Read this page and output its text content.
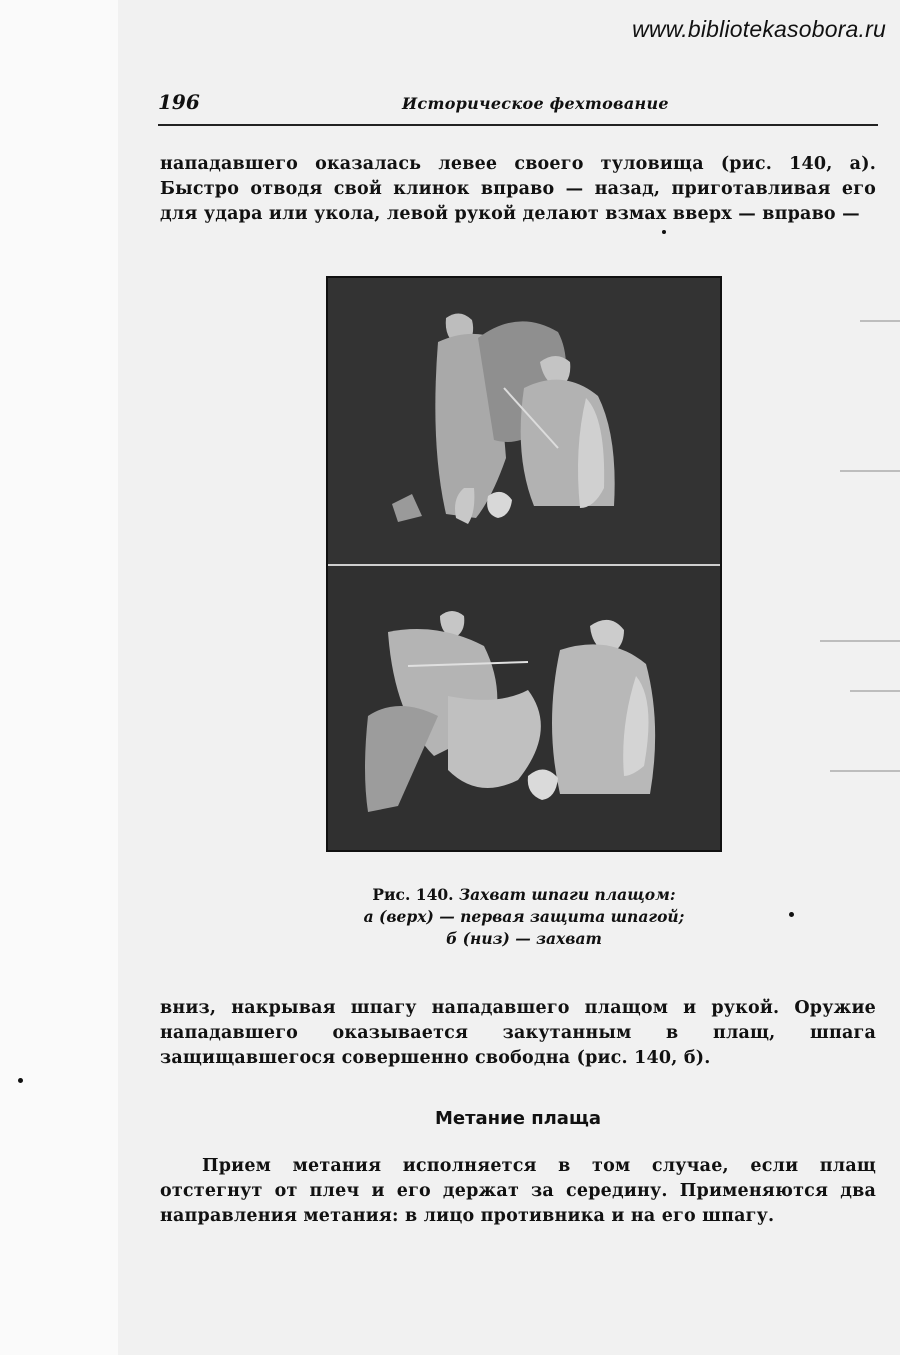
www.bibliotekasobora.ru
196	Историческое фехтование

нападавшего оказалась левее своего туловища (рис. 140, а). Быстро отводя свой клинок вправо — назад, приготавливая его для удара или укола, левой рукой делают взмах вверх — вправо —

Рис. 140. Захват шпаги плащом:
а (верх) — первая защита шпагой;
б (низ) — захват

вниз, накрывая шпагу нападавшего плащом и рукой. Оружие нападавшего оказывается закутанным в плащ, шпага защищавшегося совершенно свободна (рис. 140, б).

Метание плаща

Прием метания исполняется в том случае, если плащ отстегнут от плеч и его держат за середину. Применяются два направления метания: в лицо противника и на его шпагу.
